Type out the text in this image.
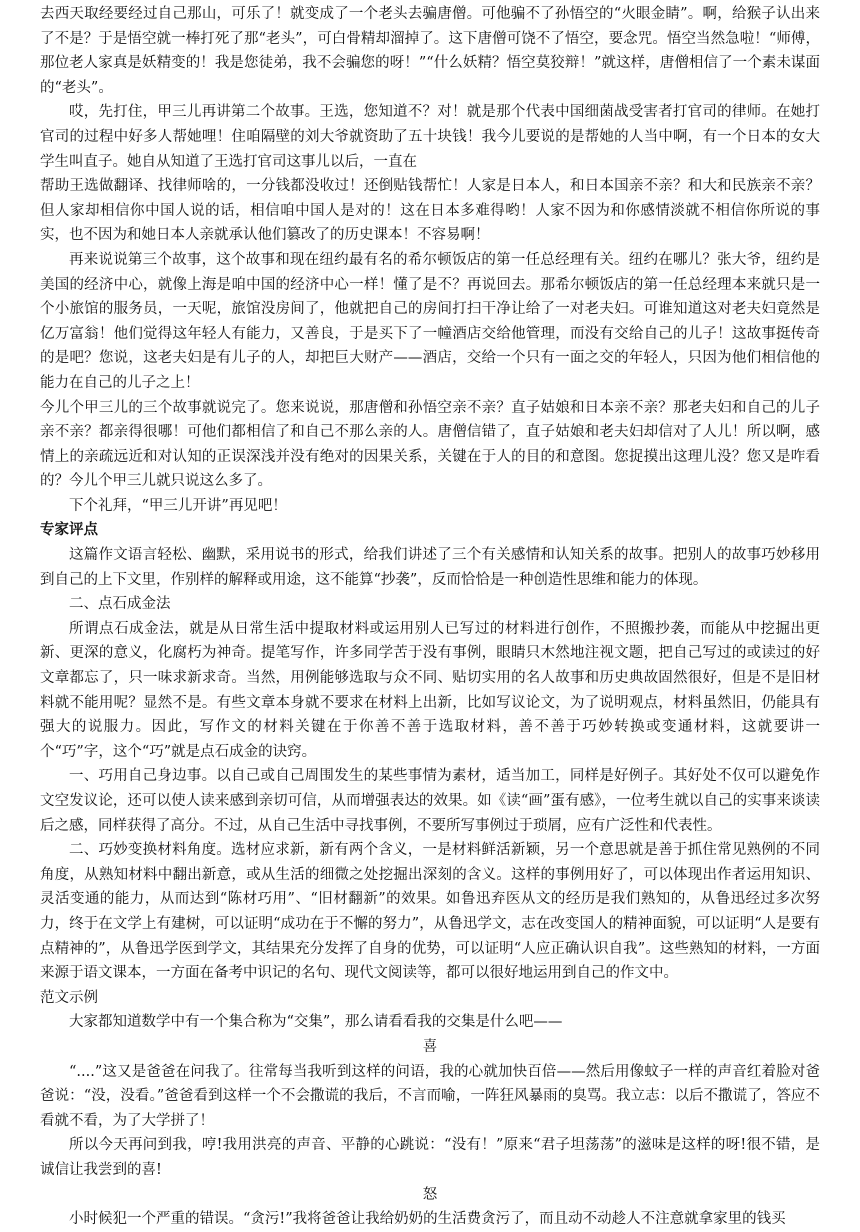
去西天取经要经过自己那山，可乐了！就变成了一个老头去骗唐僧。可他骗不了孙悟空的“火眼金睛”。啊，给猴子认出来了不是？于是悟空就一棒打死了那“老头”，可白骨精却溜掉了。这下唐僧可饶不了悟空，要念咒。悟空当然急啦！“师傅，那位老人家真是妖精变的！我是您徒弟，我不会骗您的呀！”“什么妖精？悟空莫狡辩！”就这样，唐僧相信了一个素未谋面的“老头”。

哎，先打住，甲三儿再讲第二个故事。王选，您知道不？对！就是那个代表中国细菌战受害者打官司的律师。在她打官司的过程中好多人帮她哩！住咱隔壁的刘大爷就资助了五十块钱！我今儿要说的是帮她的人当中啊，有一个日本的女大学生叫直子。她自从知道了王选打官司这事儿以后，一直在

帮助王选做翻译、找律师啥的，一分钱都没收过！还倒贴钱帮忙！人家是日本人，和日本国亲不亲？和大和民族亲不亲？但人家却相信你中国人说的话，相信咱中国人是对的！这在日本多难得哟！人家不因为和你感情淡就不相信你所说的事实，也不因为和她日本人亲就承认他们篡改了的历史课本！不容易啊！

再来说说第三个故事，这个故事和现在纽约最有名的希尔顿饭店的第一任总经理有关。纽约在哪儿？张大爷，纽约是美国的经济中心，就像上海是咱中国的经济中心一样！懂了是不？再说回去。那希尔顿饭店的第一任总经理本来就只是一个小旅馆的服务员，一天呢，旅馆没房间了，他就把自己的房间打扫干净让给了一对老夫妇。可谁知道这对老夫妇竟然是亿万富翁！他们觉得这年轻人有能力，又善良，于是买下了一幢酒店交给他管理，而没有交给自己的儿子！这故事挺传奇的是吧？您说，这老夫妇是有儿子的人，却把巨大财产——酒店，交给一个只有一面之交的年轻人，只因为他们相信他的能力在自己的儿子之上！

今儿个甲三儿的三个故事就说完了。您来说说，那唐僧和孙悟空亲不亲？直子姑娘和日本亲不亲？那老夫妇和自己的儿子亲不亲？都亲得很哪！可他们都相信了和自己不那么亲的人。唐僧信错了，直子姑娘和老夫妇却信对了人儿！所以啊，感情上的亲疏远近和对认知的正误深浅并没有绝对的因果关系，关键在于人的目的和意图。您捉摸出这理儿没？您又是咋看的？今儿个甲三儿就只说这么多了。

下个礼拜，“甲三儿开讲”再见吧！

专家评点

这篇作文语言轻松、幽默，采用说书的形式，给我们讲述了三个有关感情和认知关系的故事。把别人的故事巧妙移用到自己的上下文里，作别样的解释或用途，这不能算“抄袭”，反而恰恰是一种创造性思维和能力的体现。

二、点石成金法

所谓点石成金法，就是从日常生活中提取材料或运用别人已写过的材料进行创作，不照搬抄袭，而能从中挖掘出更新、更深的意义，化腐朽为神奇。提笔写作，许多同学苦于没有事例，眼睛只木然地注视文题，把自己写过的或读过的好文章都忘了，只一味求新求奇。当然，用例能够选取与众不同、贴切实用的名人故事和历史典故固然很好，但是不是旧材料就不能用呢？显然不是。有些文章本身就不要求在材料上出新，比如写议论文，为了说明观点，材料虽然旧，仍能具有强大的说服力。因此，写作文的材料关键在于你善不善于选取材料，善不善于巧妙转换或变通材料，这就要讲一个“巧”字，这个“巧”就是点石成金的诀窍。

一、巧用自己身边事。以自己或自己周围发生的某些事情为素材，适当加工，同样是好例子。其好处不仅可以避免作文空发议论，还可以使人读来感到亲切可信，从而增强表达的效果。如《读“画”蛋有感》，一位考生就以自己的实事来谈读后之感，同样获得了高分。不过，从自己生活中寻找事例，不要所写事例过于琐屑，应有广泛性和代表性。

二、巧妙变换材料角度。选材应求新，新有两个含义，一是材料鲜活新颖，另一个意思就是善于抓住常见熟例的不同角度，从熟知材料中翻出新意，或从生活的细微之处挖掘出深刻的含义。这样的事例用好了，可以体现出作者运用知识、灵活变通的能力，从而达到“陈材巧用”、“旧材翻新”的效果。如鲁迅弃医从文的经历是我们熟知的，从鲁迅经过多次努力，终于在文学上有建树，可以证明“成功在于不懈的努力”，从鲁迅学文，志在改变国人的精神面貌，可以证明“人是要有点精神的”，从鲁迅学医到学文，其结果充分发挥了自身的优势，可以证明“人应正确认识自我”。这些熟知的材料，一方面来源于语文课本，一方面在备考中识记的名句、现代文阅读等，都可以很好地运用到自己的作文中。

范文示例

大家都知道数学中有一个集合称为“交集”，那么请看看我的交集是什么吧——

喜

“....”这又是爸爸在问我了。往常每当我听到这样的问语，我的心就加快百倍——然后用像蚊子一样的声音红着脸对爸爸说：“没，没看。”爸爸看到这样一个不会撒谎的我后，不言而喻，一阵狂风暴雨的臭骂。我立志：以后不撒谎了，答应不看就不看，为了大学拼了！

所以今天再问到我，哼!我用洪亮的声音、平静的心跳说：“没有！”原来“君子坦荡荡”的滋味是这样的呀!很不错，是诚信让我尝到的喜!

怒

小时候犯一个严重的错误。“贪污!”我将爸爸让我给奶奶的生活费贪污了，而且动不动趁人不注意就拿家里的钱买
